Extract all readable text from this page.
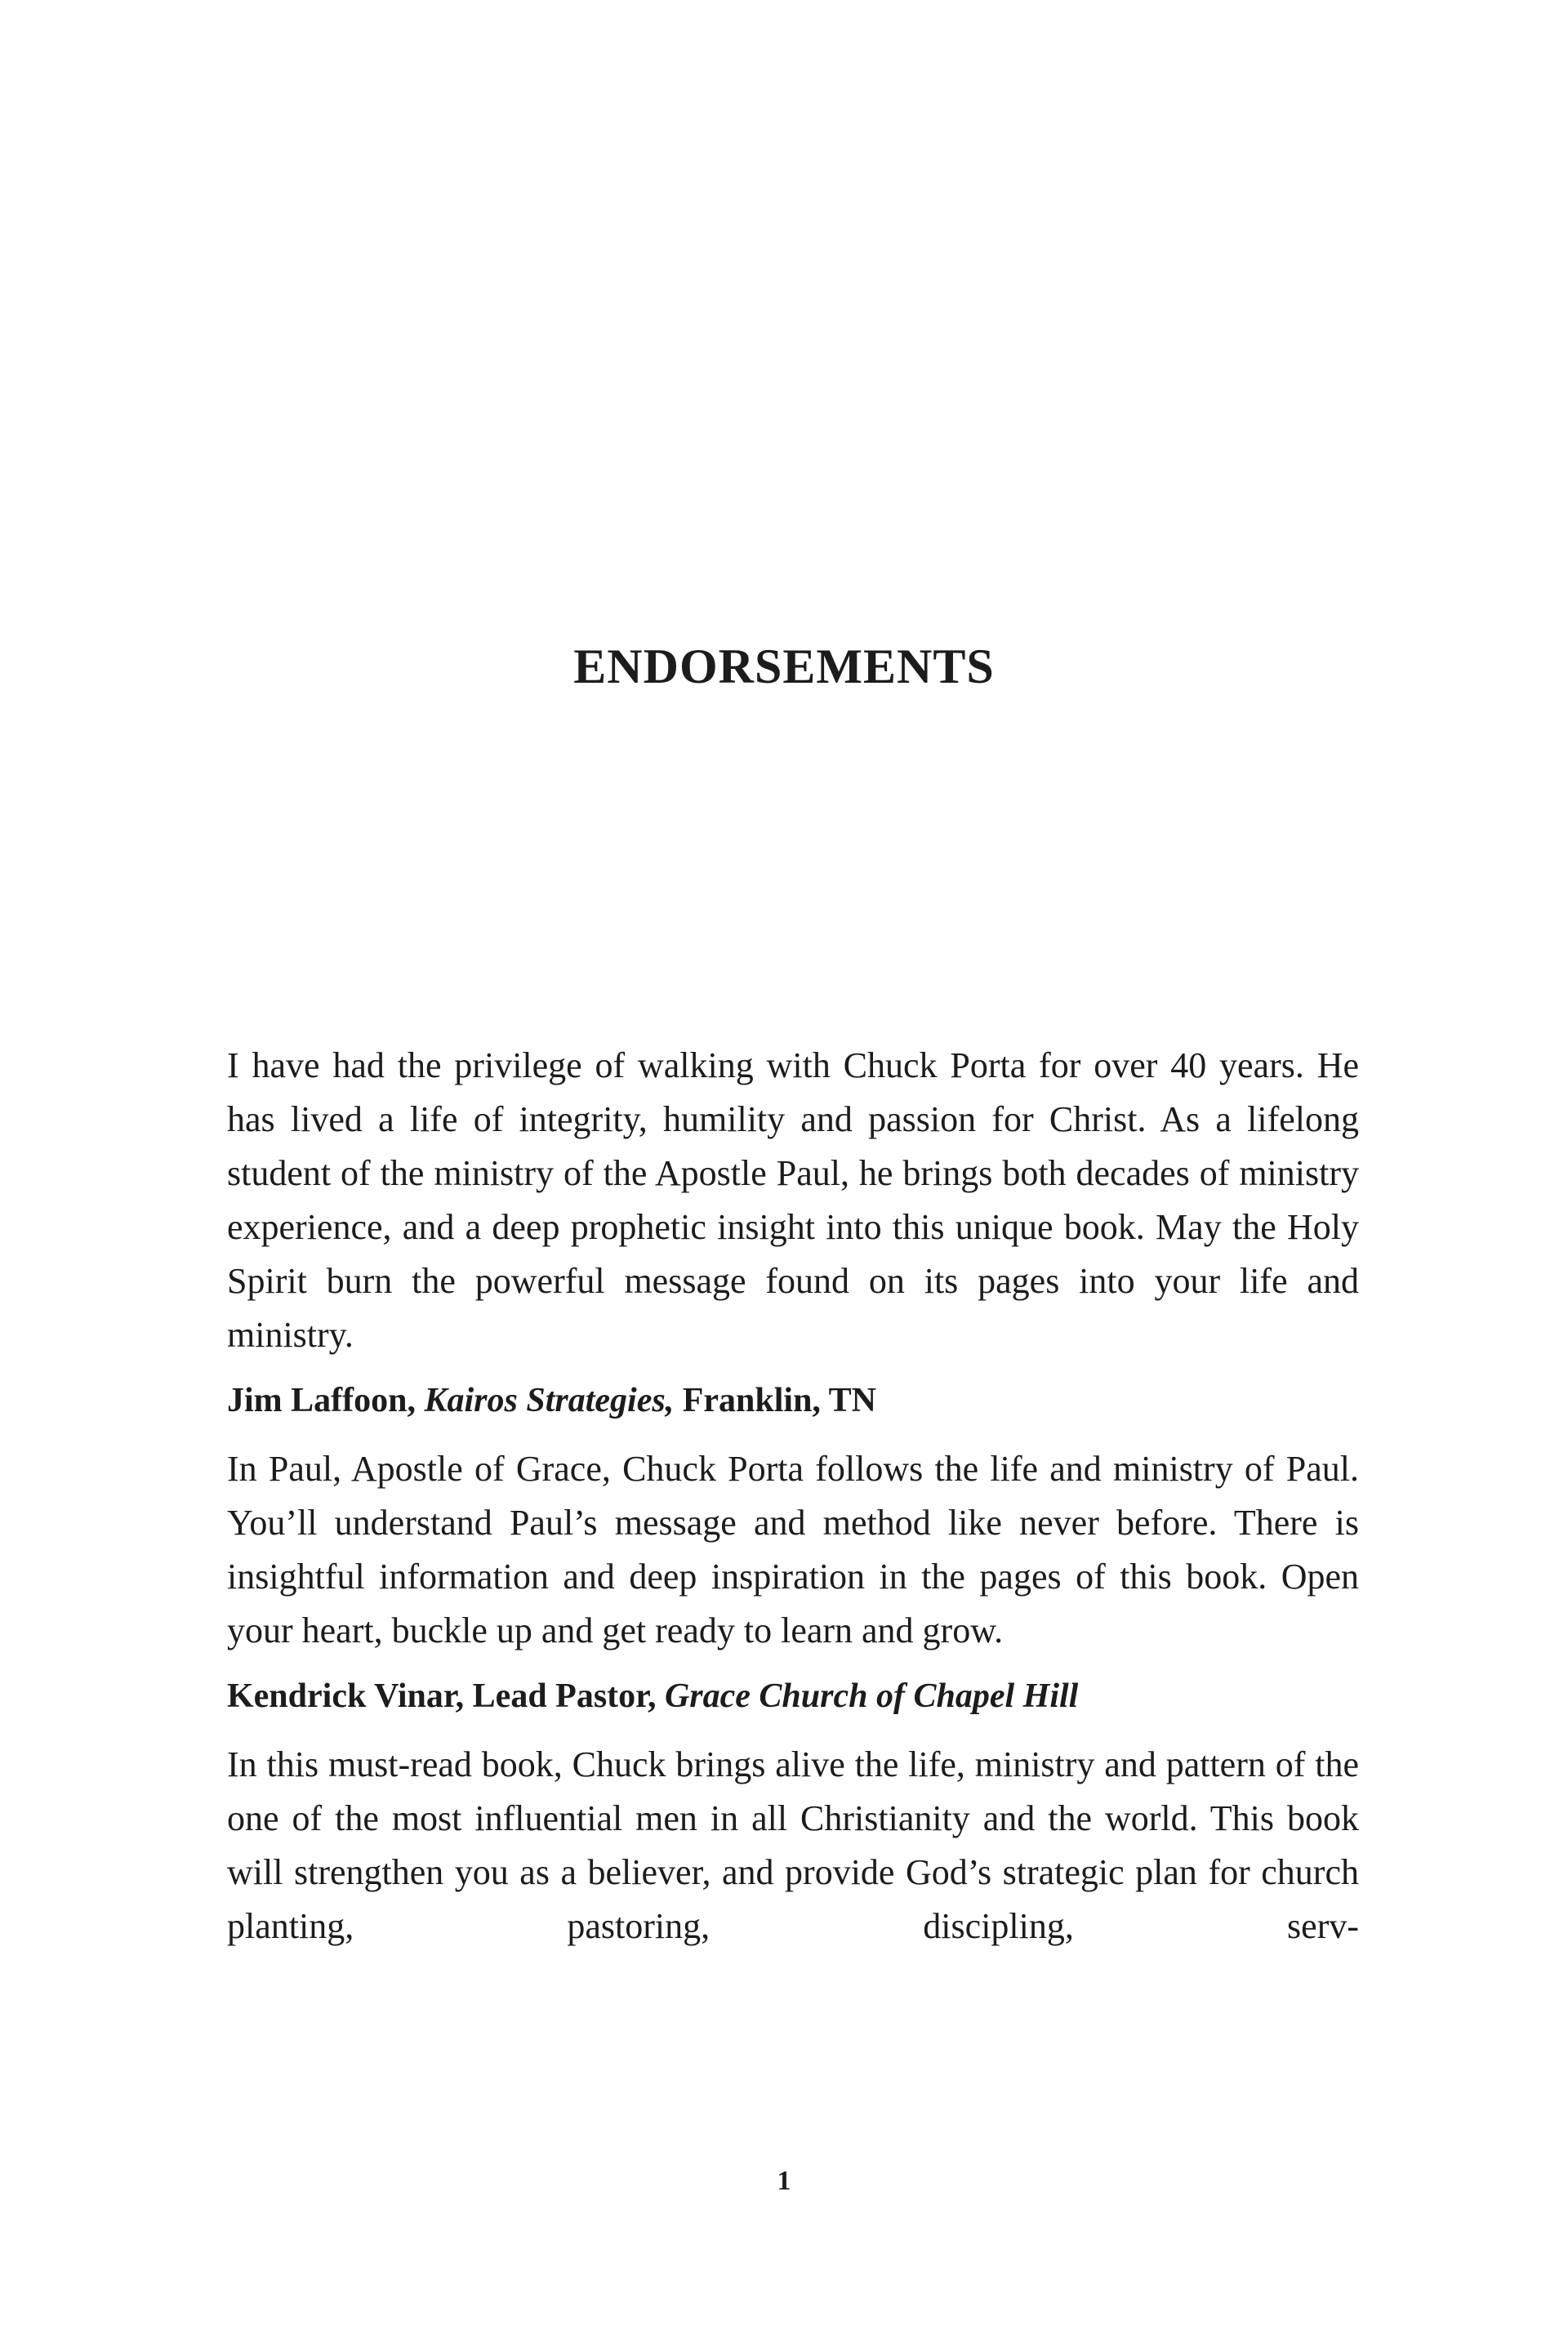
ENDORSEMENTS

I have had the privilege of walking with Chuck Porta for over 40 years. He has lived a life of integrity, humility and passion for Christ. As a lifelong student of the ministry of the Apostle Paul, he brings both decades of ministry experience, and a deep prophetic insight into this unique book. May the Holy Spirit burn the powerful message found on its pages into your life and ministry.

Jim Laffoon, Kairos Strategies, Franklin, TN

In Paul, Apostle of Grace, Chuck Porta follows the life and ministry of Paul. You’ll understand Paul’s message and method like never before. There is insightful information and deep inspiration in the pages of this book. Open your heart, buckle up and get ready to learn and grow.

Kendrick Vinar, Lead Pastor, Grace Church of Chapel Hill

In this must-read book, Chuck brings alive the life, ministry and pattern of the one of the most influential men in all Christianity and the world. This book will strengthen you as a believer, and provide God’s strategic plan for church planting, pastoring, discipling, serv-

1
